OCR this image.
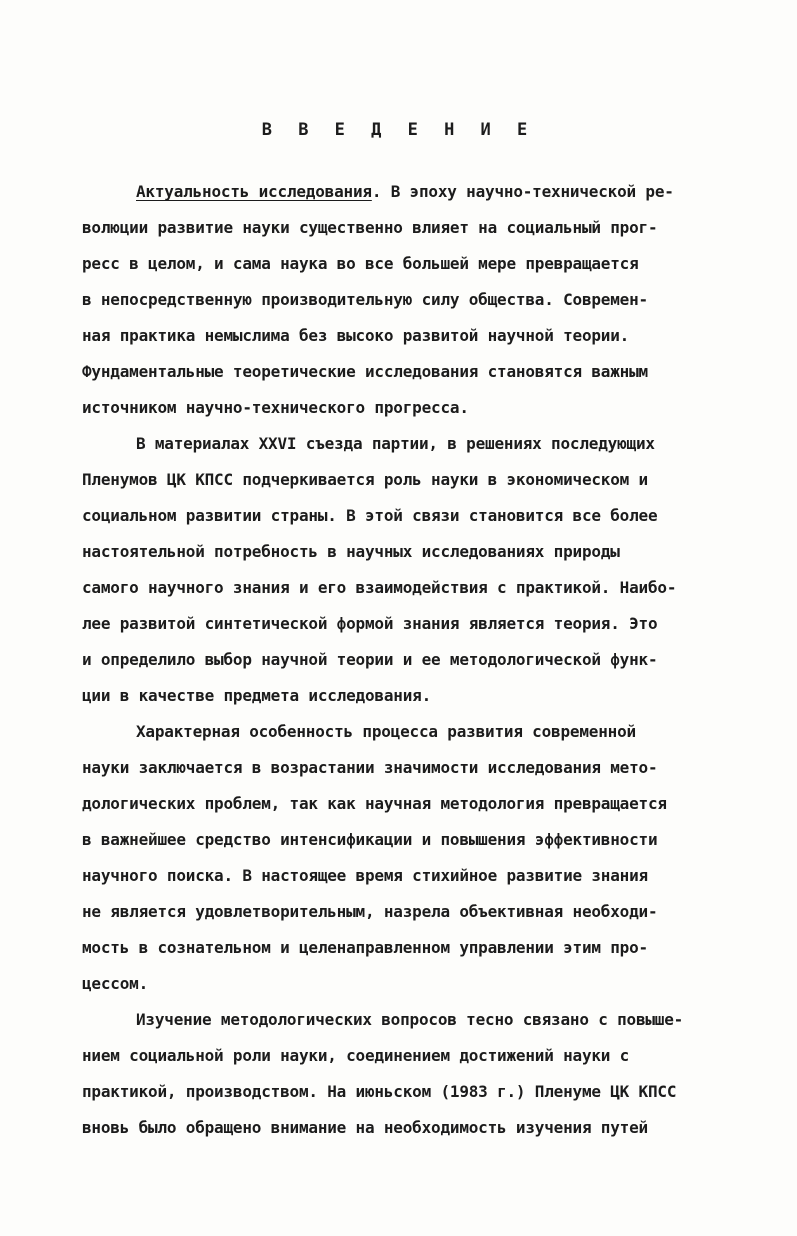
В В Е Д Е Н И Е
Актуальность исследования. В эпоху научно-технической ре-
волюции развитие науки существенно влияет на социальный прог-
ресс в целом, и сама наука во все большей мере превращается
в непосредственную производительную силу общества. Современ-
ная практика немыслима без высоко развитой научной теории.
Фундаментальные теоретические исследования становятся важным
источником научно-технического прогресса.
В материалах XXVI съезда партии, в решениях последующих
Пленумов ЦК КПСС подчеркивается роль науки в экономическом и
социальном развитии страны. В этой связи становится все более
настоятельной потребность в научных исследованиях природы
самого научного знания и его взаимодействия с практикой. Наибо-
лее развитой синтетической формой знания является теория. Это
и определило выбор научной теории и ее методологической функ-
ции в качестве предмета исследования.
Характерная особенность процесса развития современной
науки заключается в возрастании значимости исследования мето-
дологических проблем, так как научная методология превращается
в важнейшее средство интенсификации и повышения эффективности
научного поиска. В настоящее время стихийное развитие знания
не является удовлетворительным, назрела объективная необходи-
мость в сознательном и целенаправленном управлении этим про-
цессом.
Изучение методологических вопросов тесно связано с повыше-
нием социальной роли науки, соединением достижений науки с
практикой, производством. На июньском (1983 г.) Пленуме ЦК КПСС
вновь было обращено внимание на необходимость изучения путей
